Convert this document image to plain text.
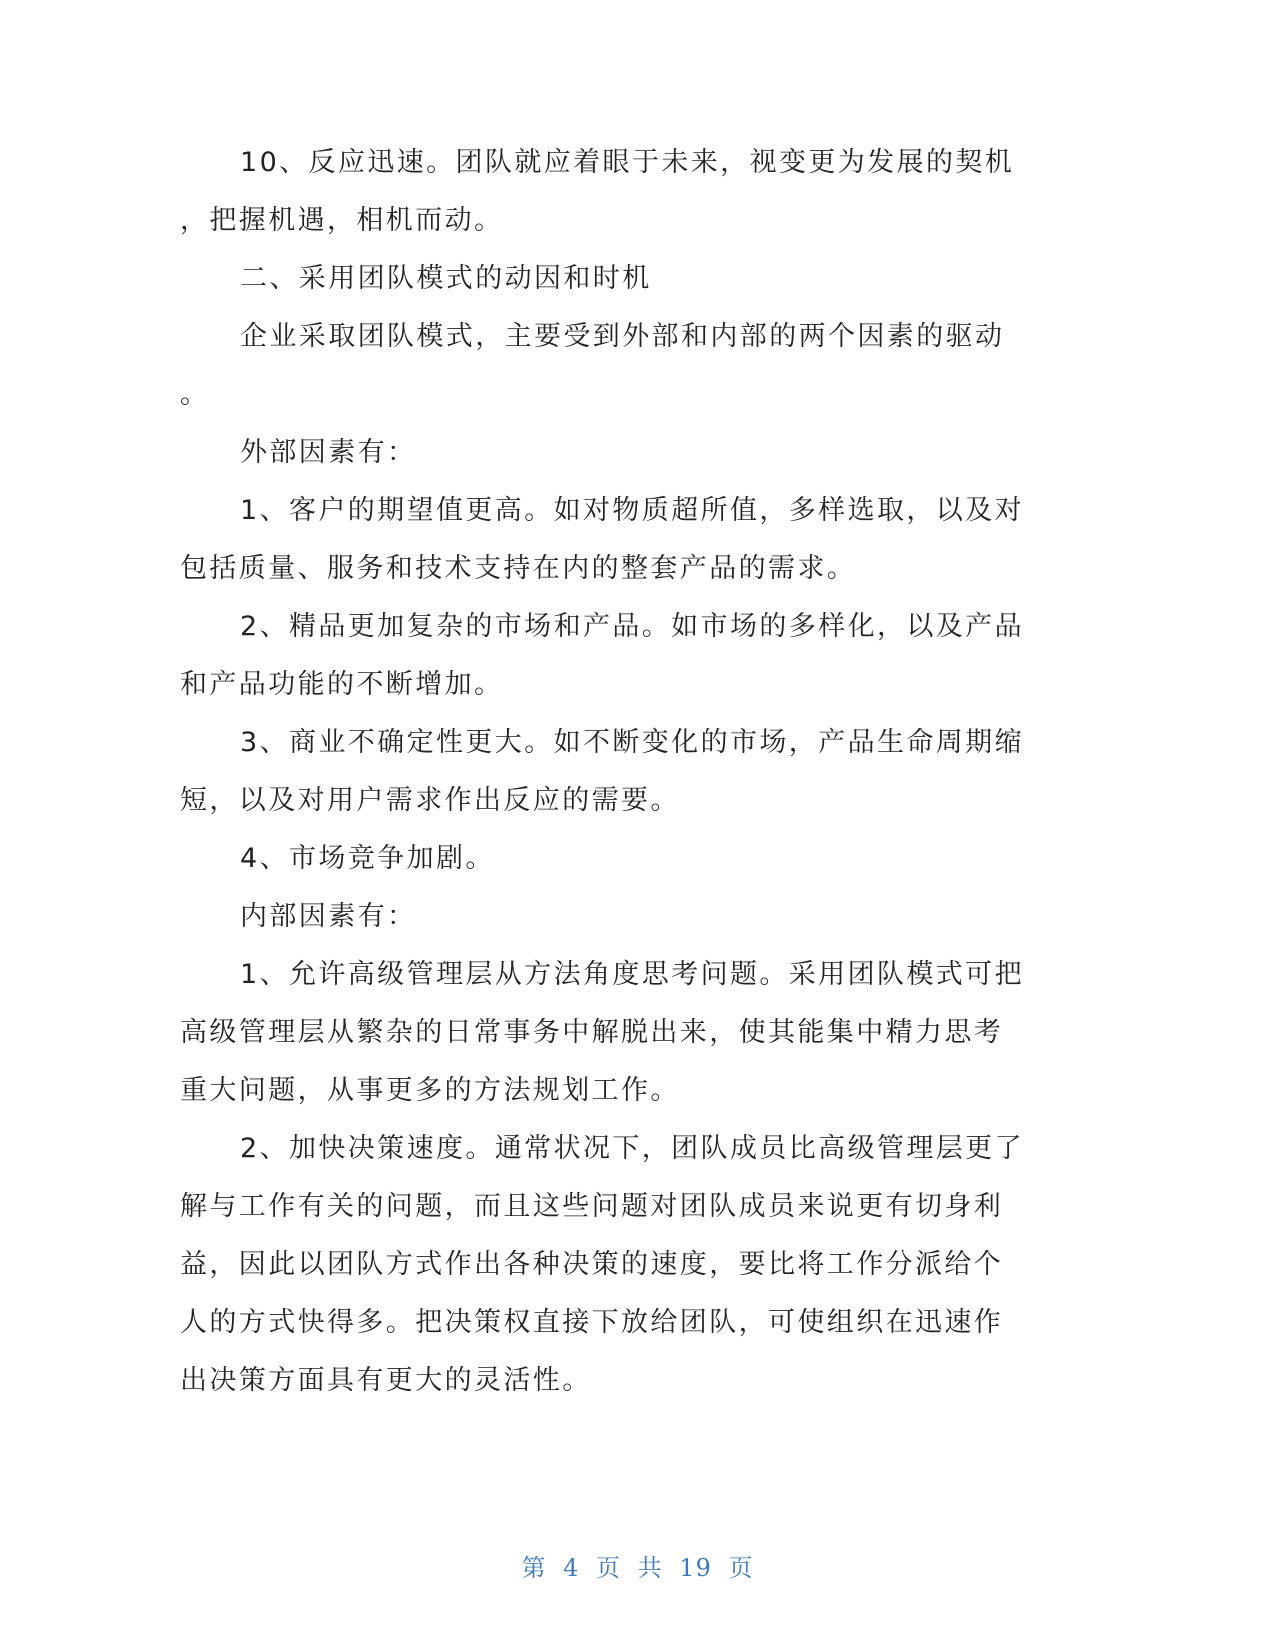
10、反应迅速。团队就应着眼于未来，视变更为发展的契机
，把握机遇，相机而动。
二、采用团队模式的动因和时机
企业采取团队模式，主要受到外部和内部的两个因素的驱动
。
外部因素有：
1、客户的期望值更高。如对物质超所值，多样选取，以及对
包括质量、服务和技术支持在内的整套产品的需求。
2、精品更加复杂的市场和产品。如市场的多样化，以及产品
和产品功能的不断增加。
3、商业不确定性更大。如不断变化的市场，产品生命周期缩
短，以及对用户需求作出反应的需要。
4、市场竞争加剧。
内部因素有：
1、允许高级管理层从方法角度思考问题。采用团队模式可把
高级管理层从繁杂的日常事务中解脱出来，使其能集中精力思考
重大问题，从事更多的方法规划工作。
2、加快决策速度。通常状况下，团队成员比高级管理层更了
解与工作有关的问题，而且这些问题对团队成员来说更有切身利
益，因此以团队方式作出各种决策的速度，要比将工作分派给个
人的方式快得多。把决策权直接下放给团队，可使组织在迅速作
出决策方面具有更大的灵活性。
第 4 页 共 19 页
